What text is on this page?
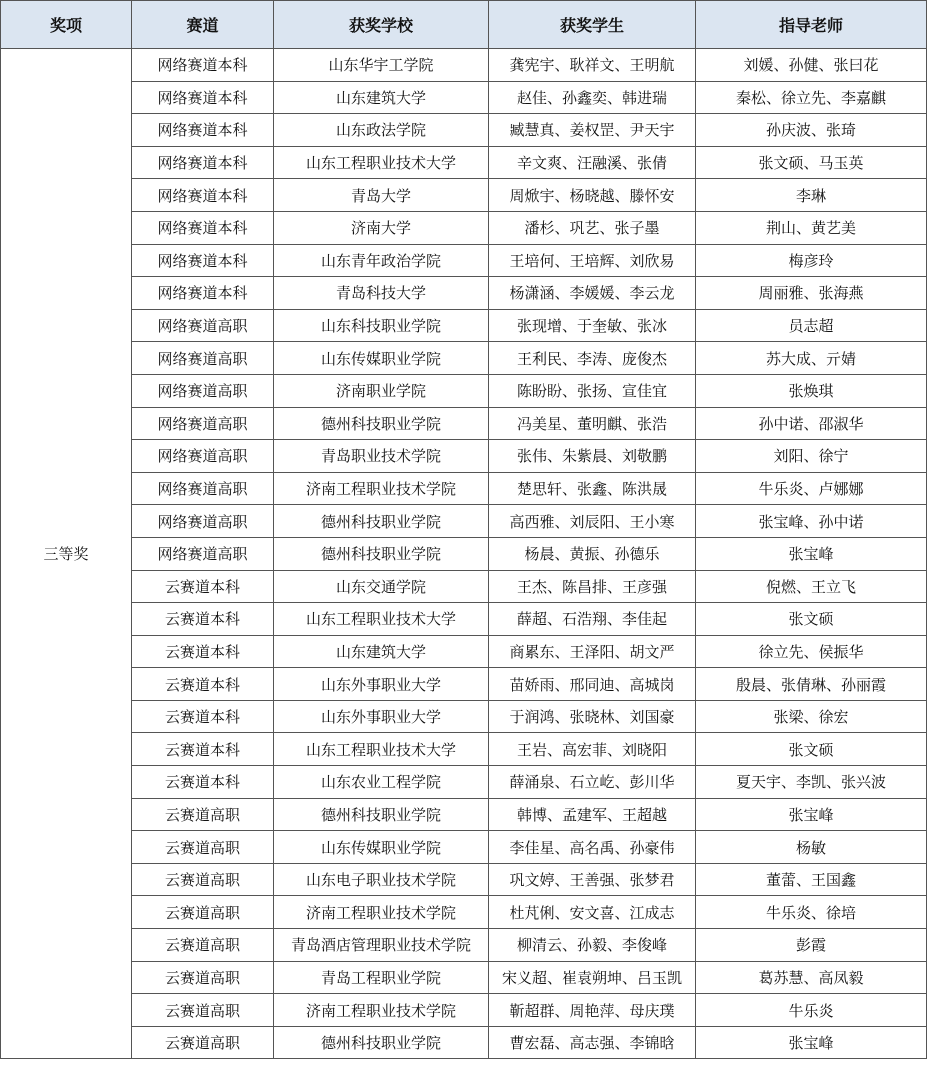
奖项	赛道	获奖学校	获奖学生	指导老师
三等奖	网络赛道本科	山东华宇工学院	龚宪宇、耿祥文、王明航	刘媛、孙健、张曰花
	网络赛道本科	山东建筑大学	赵佳、孙鑫奕、韩进瑞	秦松、徐立先、李嘉麒
	网络赛道本科	山东政法学院	臧慧真、姜权罡、尹天宇	孙庆波、张琦
	网络赛道本科	山东工程职业技术大学	辛文爽、汪融溪、张倩	张文硕、马玉英
	网络赛道本科	青岛大学	周焮宇、杨晓越、滕怀安	李琳
	网络赛道本科	济南大学	潘杉、巩艺、张子墨	荆山、黄艺美
	网络赛道本科	山东青年政治学院	王培何、王培辉、刘欣易	梅彦玲
	网络赛道本科	青岛科技大学	杨潇涵、李媛媛、李云龙	周丽雅、张海燕
	网络赛道高职	山东科技职业学院	张现增、于奎敏、张冰	员志超
	网络赛道高职	山东传媒职业学院	王利民、李涛、庞俊杰	苏大成、亓婧
	网络赛道高职	济南职业学院	陈盼盼、张扬、宣佳宜	张焕琪
	网络赛道高职	德州科技职业学院	冯美星、董明麒、张浩	孙中诺、邵淑华
	网络赛道高职	青岛职业技术学院	张伟、朱紫晨、刘敬鹏	刘阳、徐宁
	网络赛道高职	济南工程职业技术学院	楚思轩、张鑫、陈洪晟	牛乐炎、卢娜娜
	网络赛道高职	德州科技职业学院	高西雅、刘辰阳、王小寒	张宝峰、孙中诺
	网络赛道高职	德州科技职业学院	杨晨、黄振、孙德乐	张宝峰
	云赛道本科	山东交通学院	王杰、陈昌排、王彦强	倪燃、王立飞
	云赛道本科	山东工程职业技术大学	薛超、石浩翔、李佳起	张文硕
	云赛道本科	山东建筑大学	商累东、王泽阳、胡文严	徐立先、侯振华
	云赛道本科	山东外事职业大学	苗娇雨、邢同迪、高城岗	殷晨、张倩琳、孙丽霞
	云赛道本科	山东外事职业大学	于润鸿、张晓林、刘国豪	张梁、徐宏
	云赛道本科	山东工程职业技术大学	王岩、高宏菲、刘晓阳	张文硕
	云赛道本科	山东农业工程学院	薛涌泉、石立屹、彭川华	夏天宇、李凯、张兴波
	云赛道高职	德州科技职业学院	韩博、孟建军、王超越	张宝峰
	云赛道高职	山东传媒职业学院	李佳星、高名禹、孙豪伟	杨敏
	云赛道高职	山东电子职业技术学院	巩文婷、王善强、张梦君	董蕾、王国鑫
	云赛道高职	济南工程职业技术学院	杜芃俐、安文喜、江成志	牛乐炎、徐培
	云赛道高职	青岛酒店管理职业技术学院	柳清云、孙毅、李俊峰	彭霞
	云赛道高职	青岛工程职业学院	宋义超、崔袁朔坤、吕玉凯	葛苏慧、高凤毅
	云赛道高职	济南工程职业技术学院	靳超群、周艳萍、母庆璞	牛乐炎
	云赛道高职	德州科技职业学院	曹宏磊、高志强、李锦晗	张宝峰
